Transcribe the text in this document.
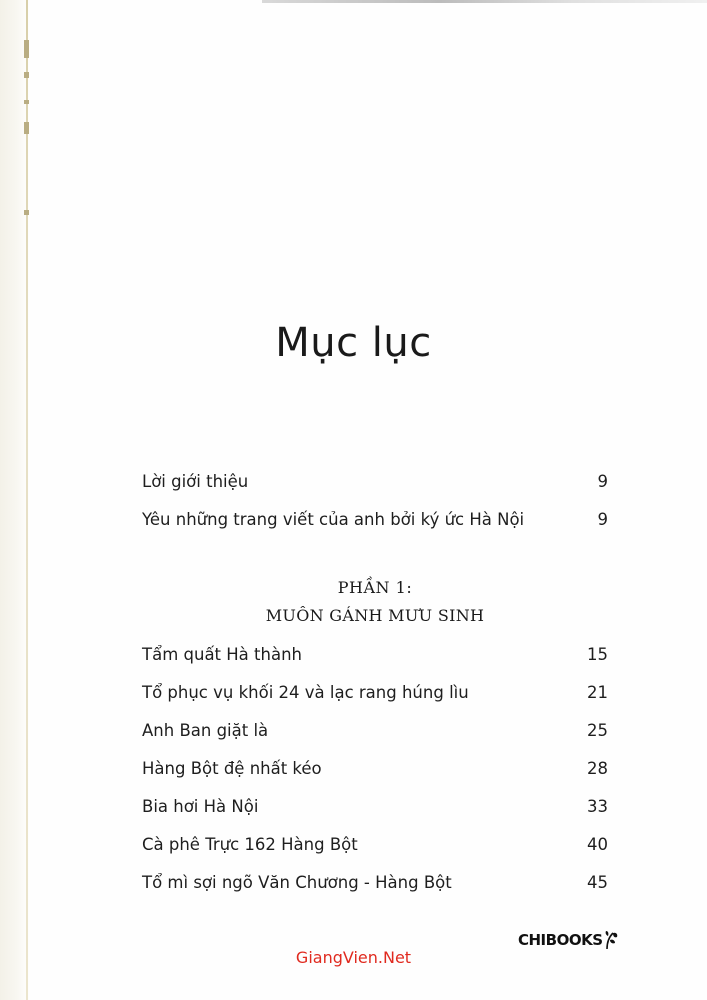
Mục lục
Lời giới thiệu	9
Yêu những trang viết của anh bởi ký ức Hà Nội	9
PHẦN 1:
MUÔN GÁNH MƯU SINH
Tẩm quất Hà thành	15
Tổ phục vụ khối 24 và lạc rang húng lìu	21
Anh Ban giặt là	25
Hàng Bột đệ nhất kéo	28
Bia hơi Hà Nội	33
Cà phê Trực 162 Hàng Bột	40
Tổ mì sợi ngõ Văn Chương - Hàng Bột	45
CHIBOOKS
GiangVien.Net
